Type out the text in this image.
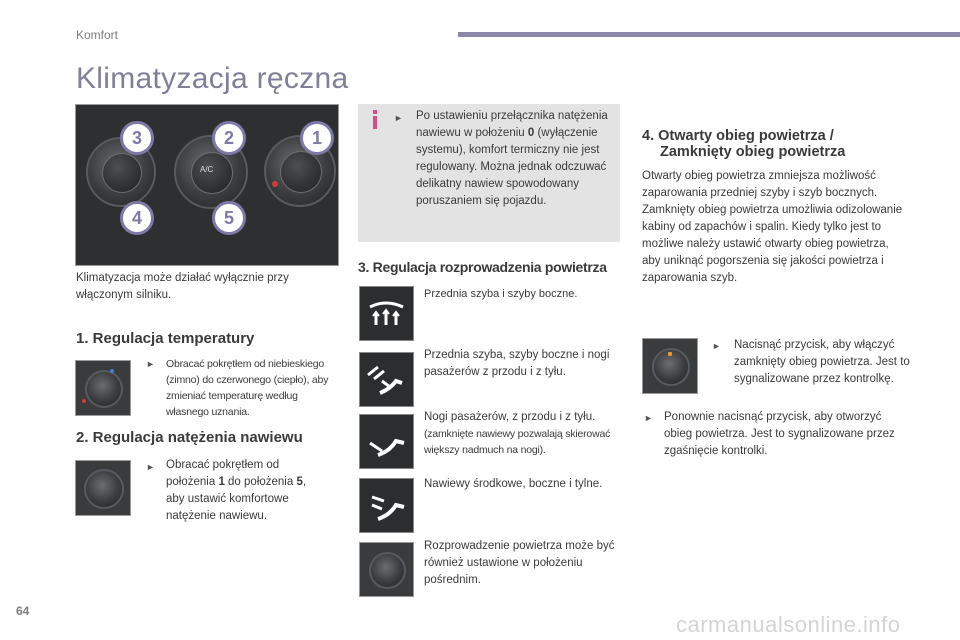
Komfort
Klimatyzacja ręczna
A/C
3	2	1
4	5
Klimatyzacja może działać wyłącznie przy włączonym silniku.
1. Regulacja temperatury
► Obracać pokrętłem od niebieskiego (zimno) do czerwonego (ciepło), aby zmieniać temperaturę według własnego uznania.
2. Regulacja natężenia nawiewu
► Obracać pokrętłem od położenia 1 do położenia 5, aby ustawić komfortowe natężenie nawiewu.
► Po ustawieniu przełącznika natężenia nawiewu w położeniu 0 (wyłączenie systemu), komfort termiczny nie jest regulowany. Można jednak odczuwać delikatny nawiew spowodowany poruszaniem się pojazdu.
3. Regulacja rozprowadzenia powietrza
Przednia szyba i szyby boczne.
Przednia szyba, szyby boczne i nogi pasażerów z przodu i z tyłu.
Nogi pasażerów, z przodu i z tyłu.
(zamknięte nawiewy pozwalają skierować większy nadmuch na nogi).
Nawiewy środkowe, boczne i tylne.
Rozprowadzenie powietrza może być również ustawione w położeniu pośrednim.
4. Otwarty obieg powietrza /
Zamknięty obieg powietrza
Otwarty obieg powietrza zmniejsza możliwość zaparowania przedniej szyby i szyb bocznych. Zamknięty obieg powietrza umożliwia odizolowanie kabiny od zapachów i spalin. Kiedy tylko jest to możliwe należy ustawić otwarty obieg powietrza, aby uniknąć pogorszenia się jakości powietrza i zaparowania szyb.
► Nacisnąć przycisk, aby włączyć zamknięty obieg powietrza. Jest to sygnalizowane przez kontrolkę.
► Ponownie nacisnąć przycisk, aby otworzyć obieg powietrza. Jest to sygnalizowane przez zgaśnięcie kontrolki.
64
carmanualsonline.info
